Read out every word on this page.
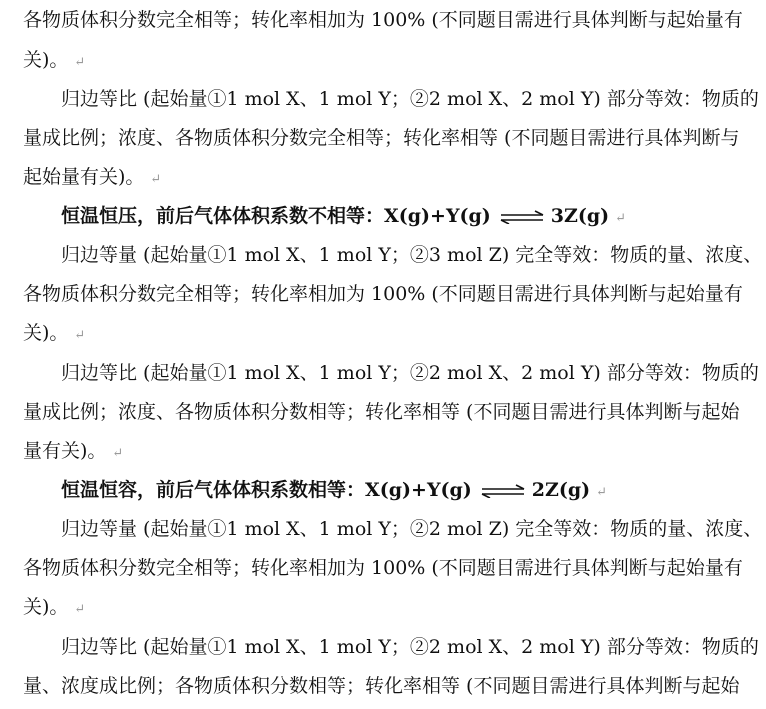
各物质体积分数完全相等；转化率相加为 100% (不同题目需进行具体判断与起始量有
关)。 ↵
归边等比 (起始量①1 mol X、1 mol Y；②2 mol X、2 mol Y) 部分等效：物质的
量成比例；浓度、各物质体积分数完全相等；转化率相等 (不同题目需进行具体判断与
起始量有关)。 ↵
恒温恒压，前后气体体积系数不相等：X(g)+Y(g) ⇌ 3Z(g) ↵
归边等量 (起始量①1 mol X、1 mol Y；②3 mol Z) 完全等效：物质的量、浓度、
各物质体积分数完全相等；转化率相加为 100% (不同题目需进行具体判断与起始量有
关)。 ↵
归边等比 (起始量①1 mol X、1 mol Y；②2 mol X、2 mol Y) 部分等效：物质的
量成比例；浓度、各物质体积分数相等；转化率相等 (不同题目需进行具体判断与起始
量有关)。 ↵
恒温恒容，前后气体体积系数相等：X(g)+Y(g) ⇌ 2Z(g) ↵
归边等量 (起始量①1 mol X、1 mol Y；②2 mol Z) 完全等效：物质的量、浓度、
各物质体积分数完全相等；转化率相加为 100% (不同题目需进行具体判断与起始量有
关)。 ↵
归边等比 (起始量①1 mol X、1 mol Y；②2 mol X、2 mol Y) 部分等效：物质的
量、浓度成比例；各物质体积分数相等；转化率相等 (不同题目需进行具体判断与起始
